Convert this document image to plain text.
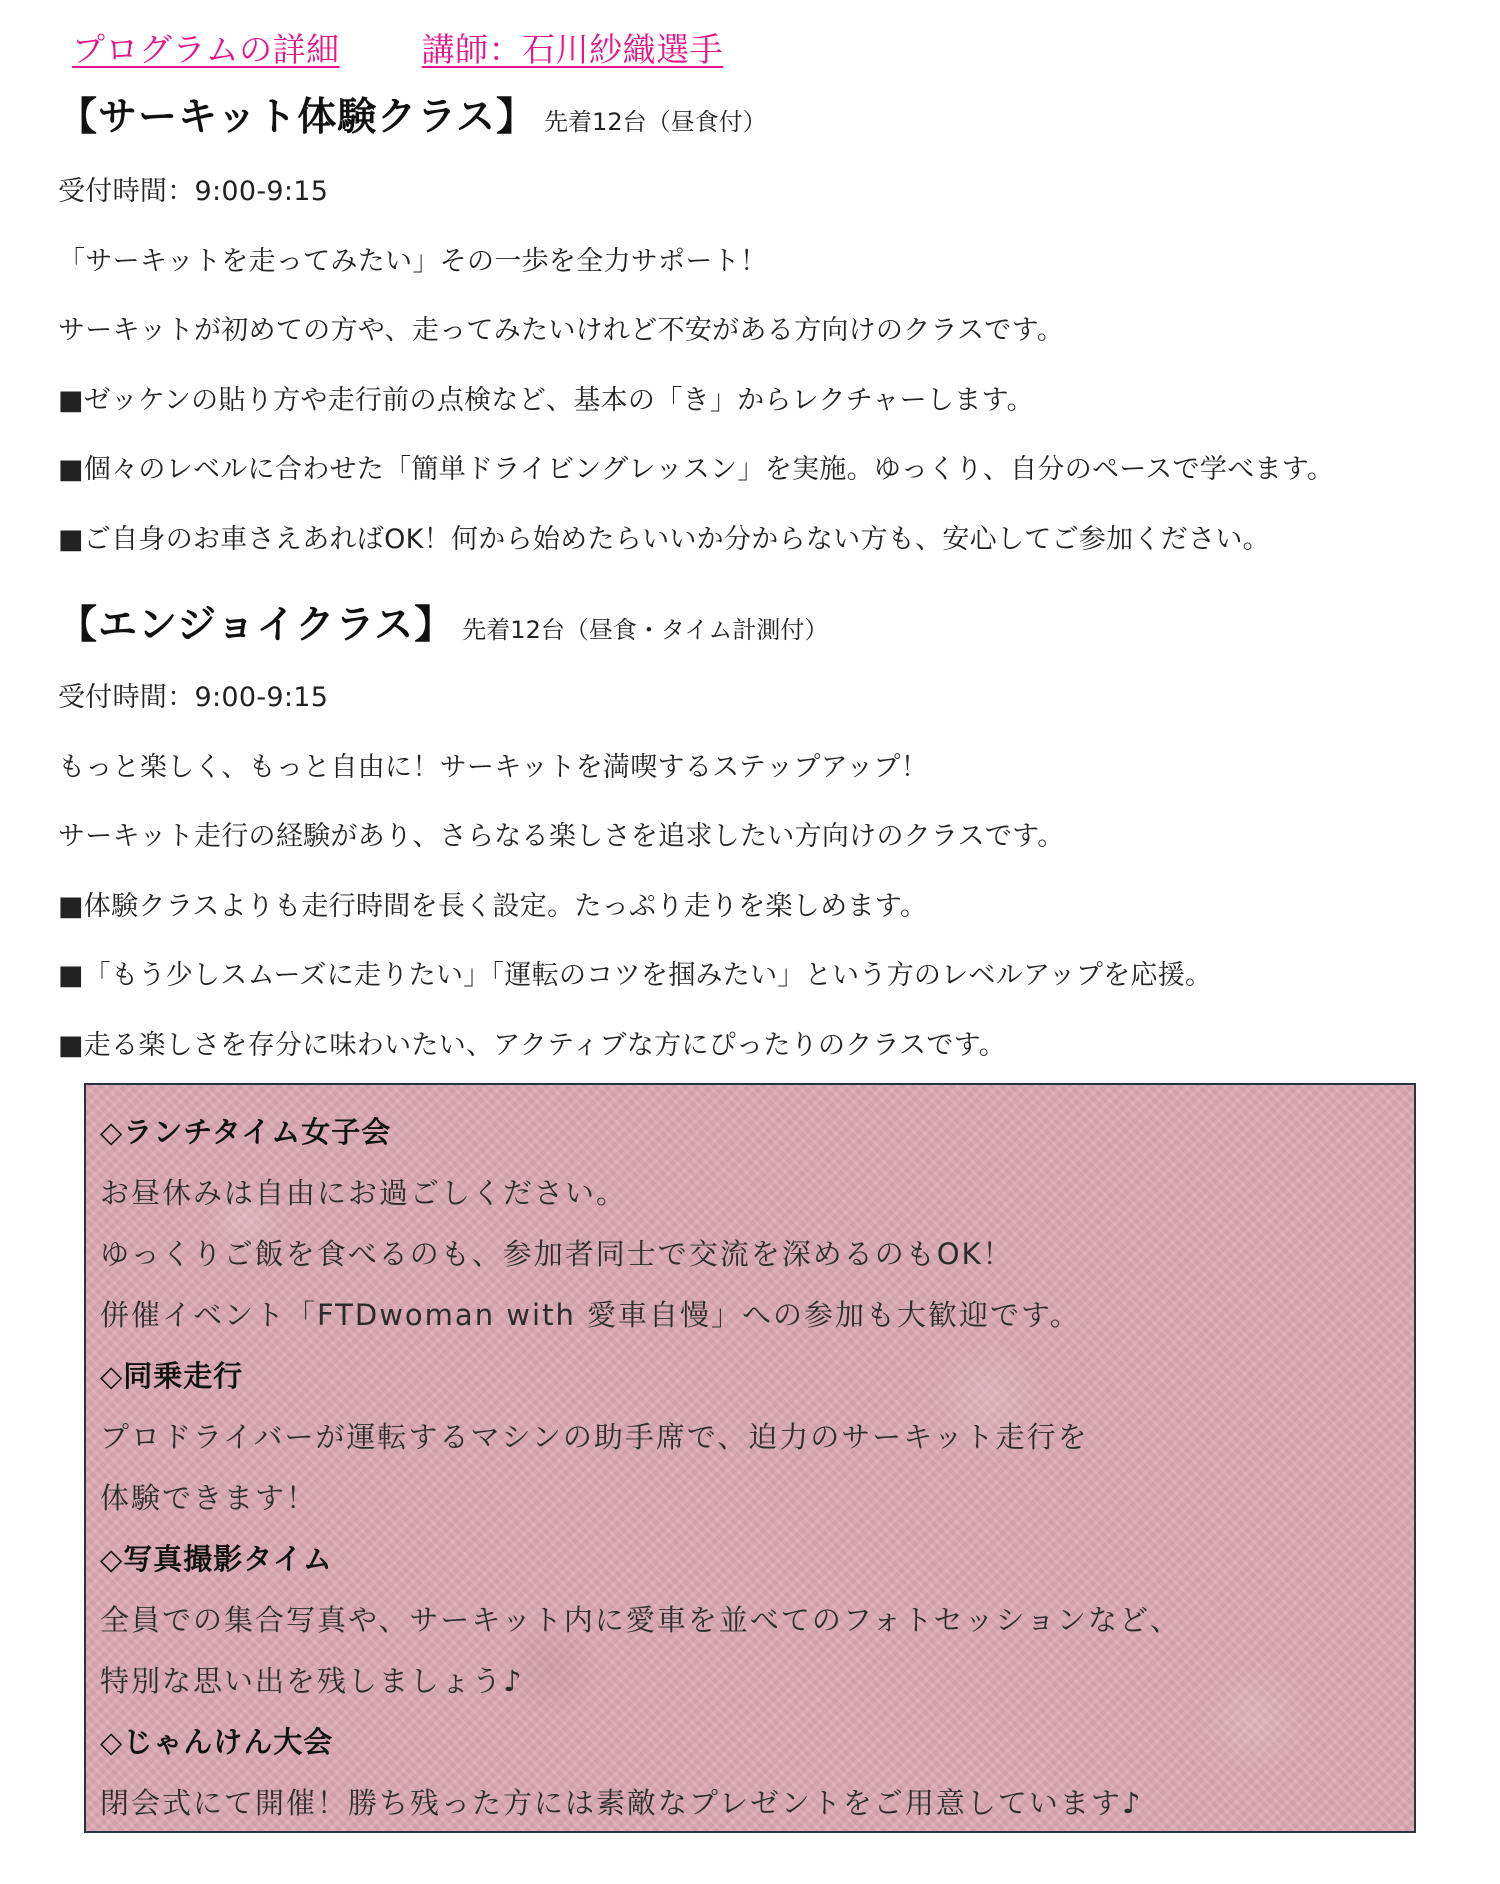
プログラムの詳細 講師：石川紗織選手
【サーキット体験クラス】 先着12台（昼食付）
受付時間：9:00-9:15
「サーキットを走ってみたい」その一歩を全力サポート！
サーキットが初めての方や、走ってみたいけれど不安がある方向けのクラスです。
■ゼッケンの貼り方や走行前の点検など、基本の「き」からレクチャーします。
■個々のレベルに合わせた「簡単ドライビングレッスン」を実施。ゆっくり、自分のペースで学べます。
■ご自身のお車さえあればOK！何から始めたらいいか分からない方も、安心してご参加ください。
【エンジョイクラス】 先着12台（昼食・タイム計測付）
受付時間：9:00-9:15
もっと楽しく、もっと自由に！サーキットを満喫するステップアップ！
サーキット走行の経験があり、さらなる楽しさを追求したい方向けのクラスです。
■体験クラスよりも走行時間を長く設定。たっぷり走りを楽しめます。
■「もう少しスムーズに走りたい」「運転のコツを掴みたい」という方のレベルアップを応援。
■走る楽しさを存分に味わいたい、アクティブな方にぴったりのクラスです。
◇ランチタイム女子会
お昼休みは自由にお過ごしください。
ゆっくりご飯を食べるのも、参加者同士で交流を深めるのもOK！
併催イベント「FTDwoman with 愛車自慢」への参加も大歓迎です。
◇同乗走行
プロドライバーが運転するマシンの助手席で、迫力のサーキット走行を
体験できます！
◇写真撮影タイム
全員での集合写真や、サーキット内に愛車を並べてのフォトセッションなど、
特別な思い出を残しましょう♪
◇じゃんけん大会
閉会式にて開催！勝ち残った方には素敵なプレゼントをご用意しています♪
